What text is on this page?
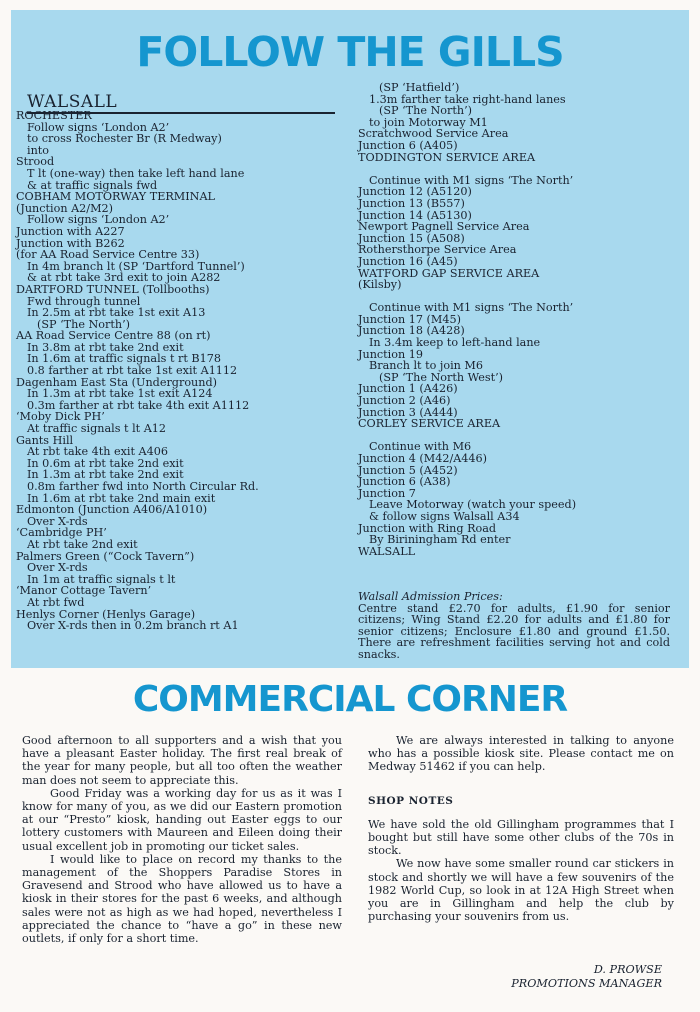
FOLLOW THE GILLS
WALSALL
ROCHESTER
Follow signs ‘London A2’
to cross Rochester Br (R Medway)
into
Strood
T lt (one-way) then take left hand lane
& at traffic signals fwd
COBHAM MOTORWAY TERMINAL
(Junction A2/M2)
Follow signs ‘London A2’
Junction with A227
Junction with B262
(for AA Road Service Centre 33)
In 4m branch lt (SP ‘Dartford Tunnel’)
& at rbt take 3rd exit to join A282
DARTFORD TUNNEL (Tollbooths)
Fwd through tunnel
In 2.5m at rbt take 1st exit A13
(SP ‘The North’)
AA Road Service Centre 88 (on rt)
In 3.8m at rbt take 2nd exit
In 1.6m at traffic signals t rt B178
0.8 farther at rbt take 1st exit A1112
Dagenham East Sta (Underground)
In 1.3m at rbt take 1st exit A124
0.3m farther at rbt take 4th exit A1112
‘Moby Dick PH’
At traffic signals t lt A12
Gants Hill
At rbt take 4th exit A406
In 0.6m at rbt take 2nd exit
In 1.3m at rbt take 2nd exit
0.8m farther fwd into North Circular Rd.
In 1.6m at rbt take 2nd main exit
Edmonton (Junction A406/A1010)
Over X-rds
‘Cambridge PH’
At rbt take 2nd exit
Palmers Green (“Cock Tavern”)
Over X-rds
In 1m at traffic signals t lt
‘Manor Cottage Tavern’
At rbt fwd
Henlys Corner (Henlys Garage)
Over X-rds then in 0.2m branch rt A1
(SP ‘Hatfield’)
1.3m farther take right-hand lanes
(SP ‘The North’)
to join Motorway M1
Scratchwood Service Area
Junction 6 (A405)
TODDINGTON SERVICE AREA
Continue with M1 signs ‘The North’
Junction 12 (A5120)
Junction 13 (B557)
Junction 14 (A5130)
Newport Pagnell Service Area
Junction 15 (A508)
Rothersthorpe Service Area
Junction 16 (A45)
WATFORD GAP SERVICE AREA
(Kilsby)
Continue with M1 signs ‘The North’
Junction 17 (M45)
Junction 18 (A428)
In 3.4m keep to left-hand lane
Junction 19
Branch lt to join M6
(SP ‘The North West’)
Junction 1 (A426)
Junction 2 (A46)
Junction 3 (A444)
CORLEY SERVICE AREA
Continue with M6
Junction 4 (M42/A446)
Junction 5 (A452)
Junction 6 (A38)
Junction 7
Leave Motorway (watch your speed)
& follow signs Walsall A34
Junction with Ring Road
By Biriningham Rd enter
WALSALL
Walsall Admission Prices:
Centre stand £2.70 for adults, £1.90 for senior citizens; Wing Stand £2.20 for adults and £1.80 for senior citizens; Enclosure £1.80 and ground £1.50. There are refreshment facilities serving hot and cold snacks.
COMMERCIAL CORNER

Good afternoon to all supporters and a wish that you have a pleasant Easter holiday. The first real break of the year for many people, but all too often the weather man does not seem to appreciate this.

Good Friday was a working day for us as it was I know for many of you, as we did our Eastern promotion at our “Presto” kiosk, handing out Easter eggs to our lottery customers with Maureen and Eileen doing their usual excellent job in promoting our ticket sales.

I would like to place on record my thanks to the management of the Shoppers Paradise Stores in Gravesend and Strood who have allowed us to have a kiosk in their stores for the past 6 weeks, and although sales were not as high as we had hoped, nevertheless I appreciated the chance to “have a go” in these new outlets, if only for a short time.

We are always interested in talking to anyone who has a possible kiosk site. Please contact me on Medway 51462 if you can help.

SHOP NOTES

We have sold the old Gillingham programmes that I bought but still have some other clubs of the 70s in stock.

We now have some smaller round car stickers in stock and shortly we will have a few souvenirs of the 1982 World Cup, so look in at 12A High Street when you are in Gillingham and help the club by purchasing your souvenirs from us.

D. PROWSE
PROMOTIONS MANAGER
